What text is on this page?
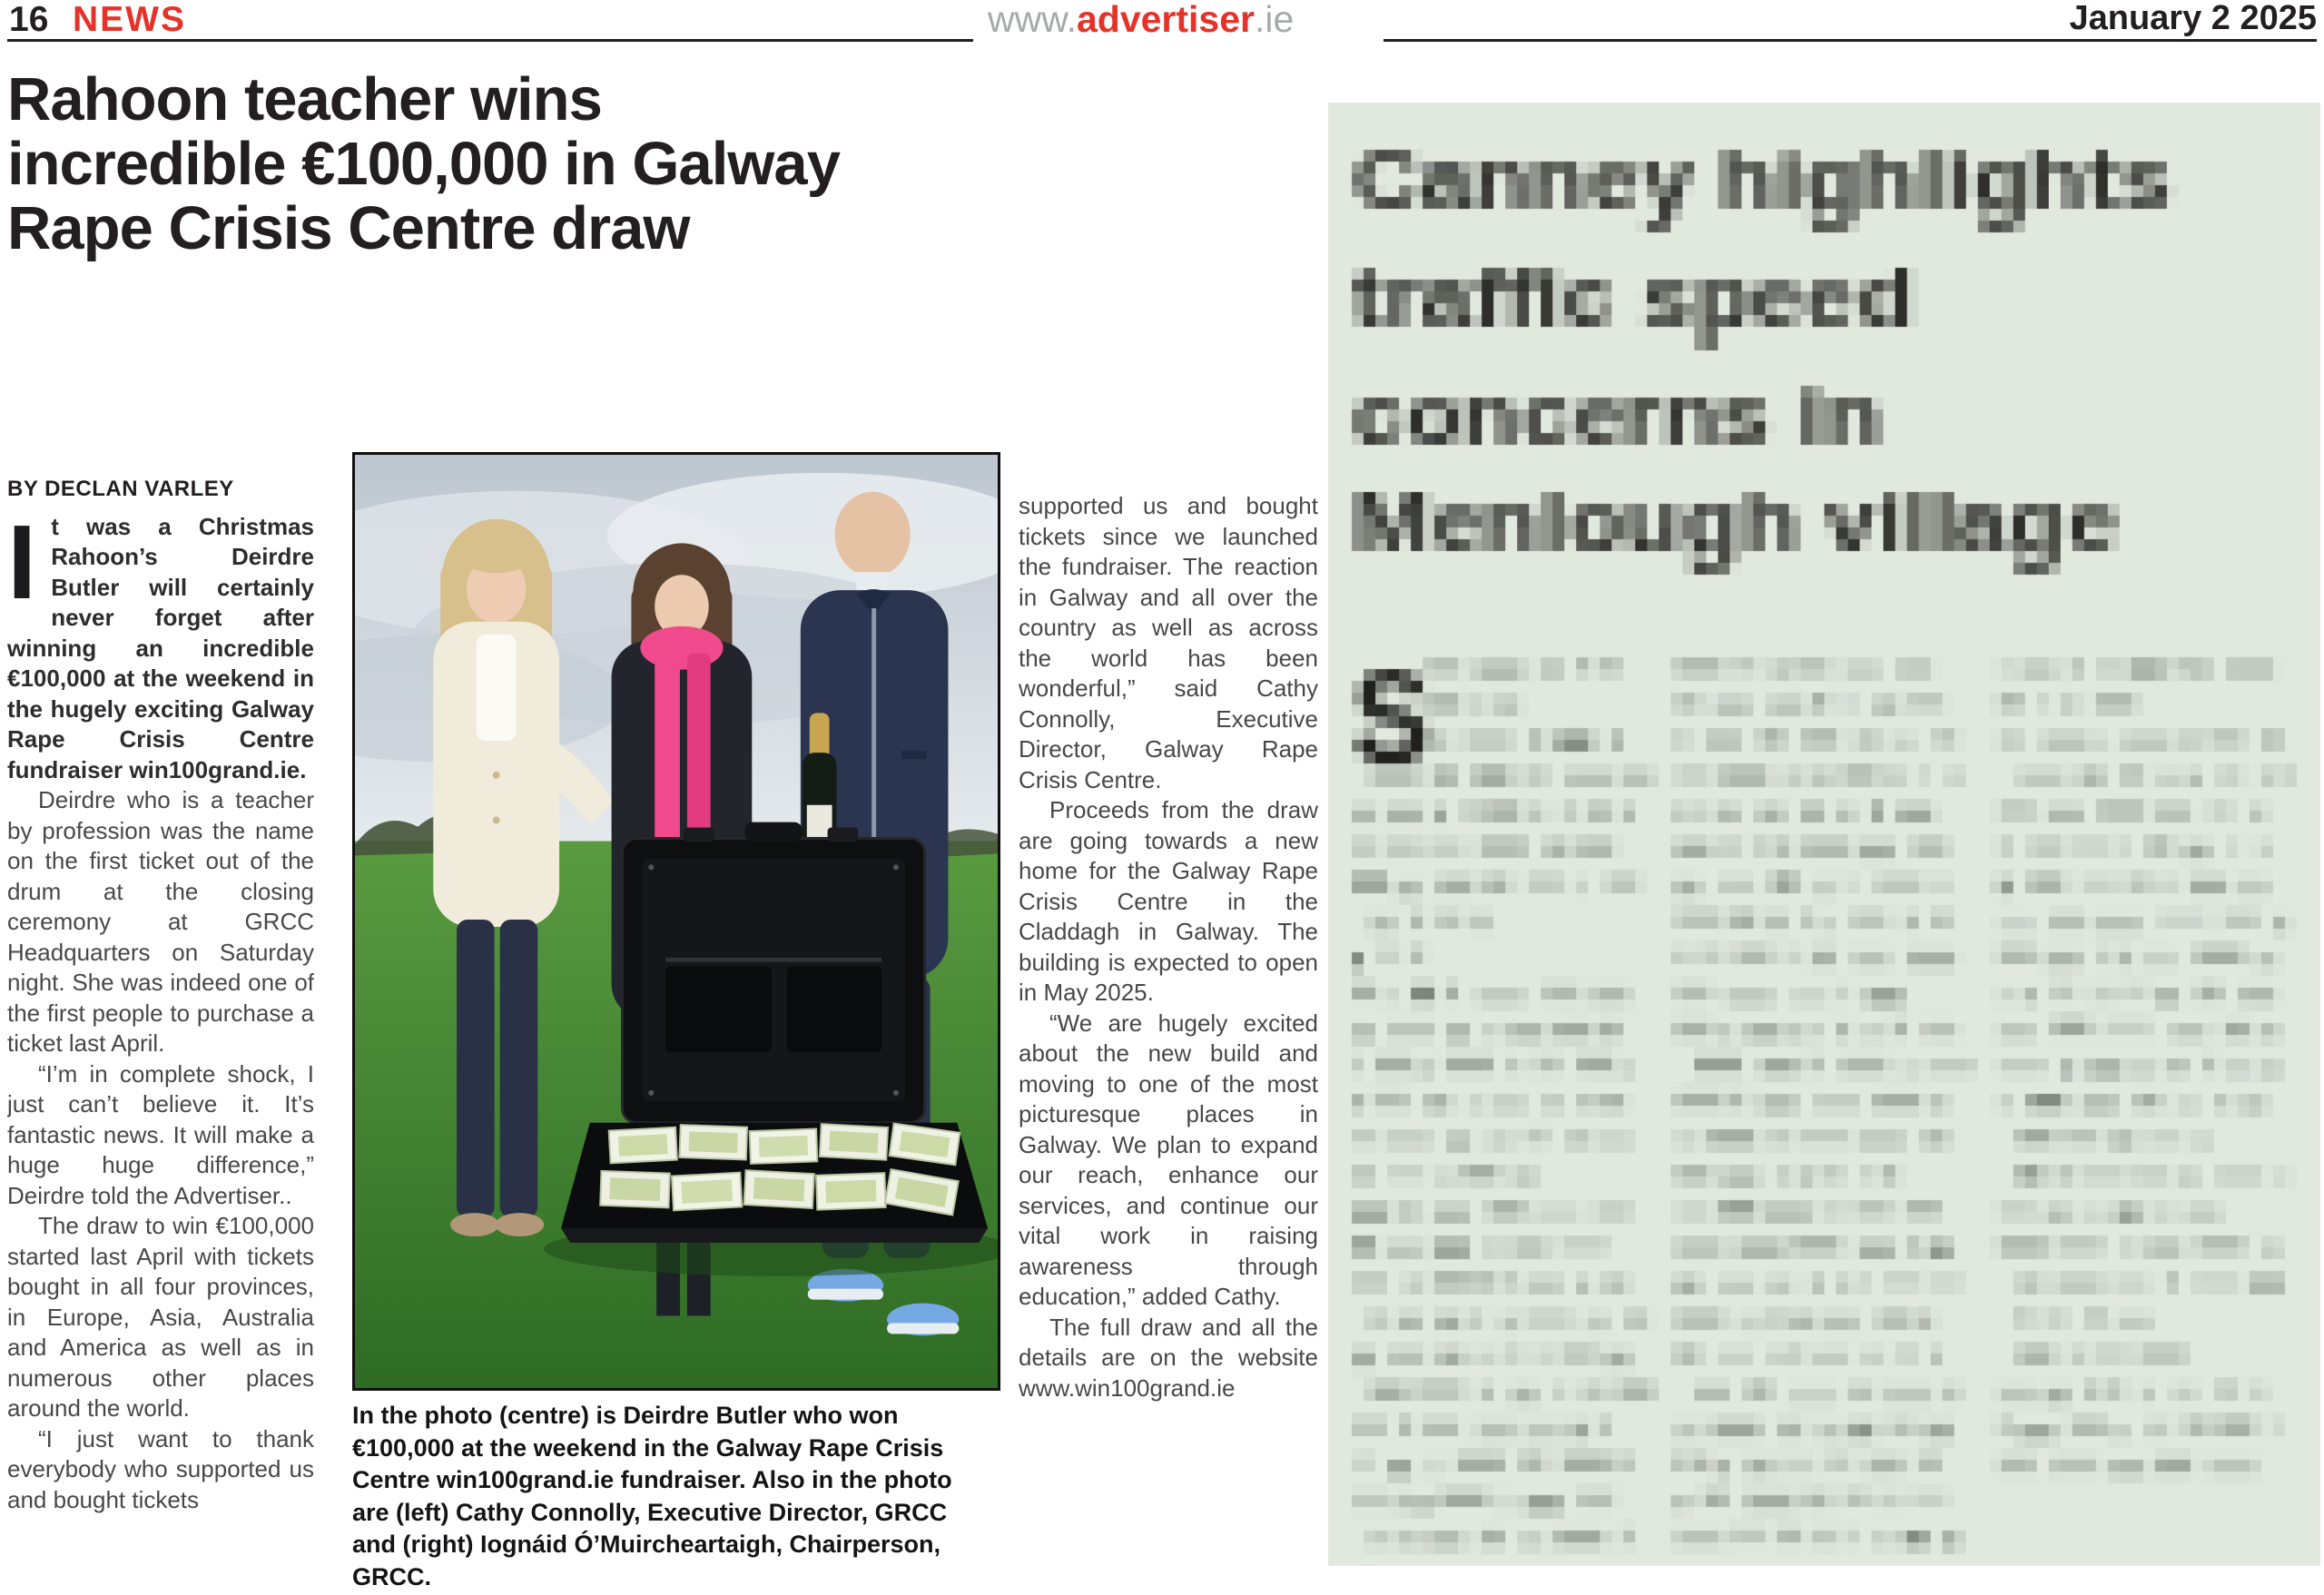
16 NEWS	www.advertiser.ie	January 2 2025
Rahoon teacher wins
incredible €100,000 in Galway
Rape Crisis Centre draw
BY DECLAN VARLEY

It was a Christmas Rahoon’s Deirdre Butler will certainly never forget after winning an incredible €100,000 at the weekend in the hugely exciting Galway Rape Crisis Centre fundraiser win100grand.ie.

Deirdre who is a teacher by profession was the name on the first ticket out of the drum at the closing ceremony at GRCC Headquarters on Saturday night. She was indeed one of the first people to purchase a ticket last April.

“I’m in complete shock, I just can’t believe it. It’s fantastic news. It will make a huge huge difference,” Deirdre told the Advertiser..

The draw to win €100,000 started last April with tickets bought in all four provinces, in Europe, Asia, Australia and America as well as in numerous other places around the world.

“I just want to thank everybody who supported us and bought tickets

In the photo (centre) is Deirdre Butler who won €100,000 at the weekend in the Galway Rape Crisis Centre win100grand.ie fundraiser. Also in the photo are (left) Cathy Connolly, Executive Director, GRCC and (right) Iognáid Ó’Muircheartaigh, Chairperson, GRCC.

supported us and bought tickets since we launched the fundraiser. The reaction in Galway and all over the country as well as across the world has been wonderful,” said Cathy Connolly, Executive Director, Galway Rape Crisis Centre.

Proceeds from the draw are going towards a new home for the Galway Rape Crisis Centre in the Claddagh in Galway. The building is expected to open in May 2025.

“We are hugely excited about the new build and moving to one of the most picturesque places in Galway. We plan to expand our reach, enhance our services, and continue our vital work in raising awareness through education,” added Cathy.

The full draw and all the details are on the website www.win100grand.ie
